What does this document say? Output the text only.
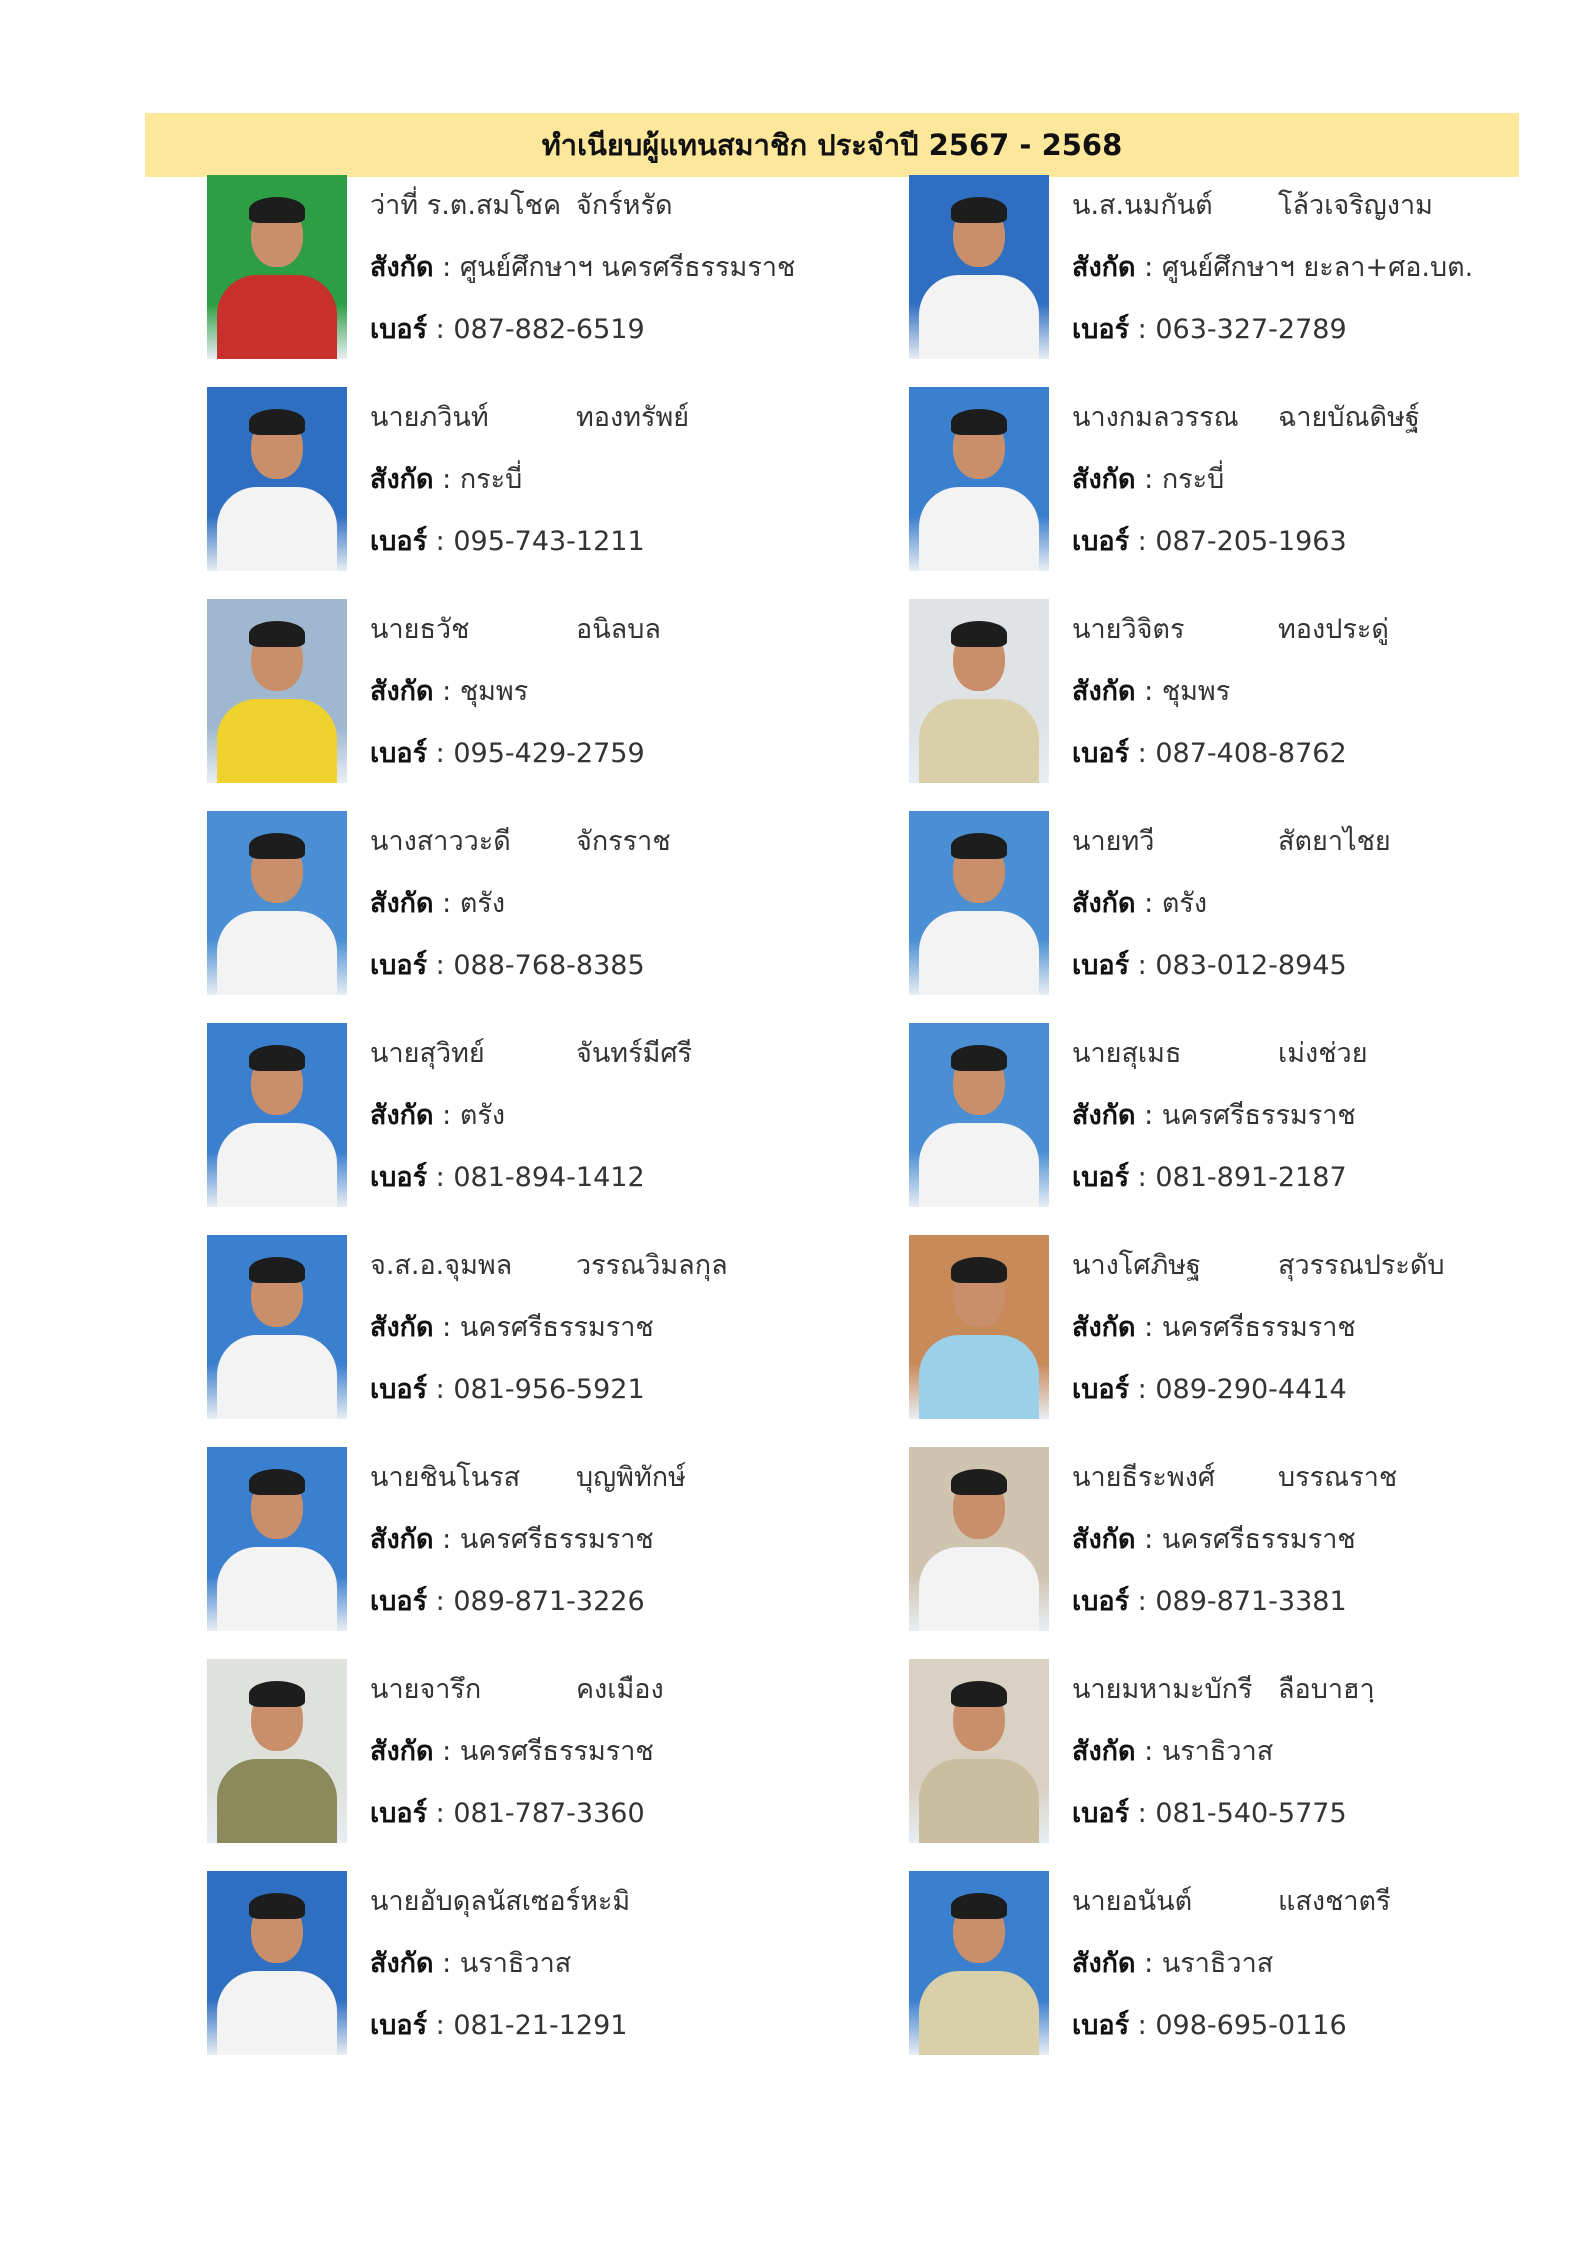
ทำเนียบผู้แทนสมาชิก ประจำปี 2567 - 2568
ว่าที่ ร.ต.สมโชค จักร์หรัด
สังกัด : ศูนย์ศึกษาฯ นครศรีธรรมราช
เบอร์ : 087-882-6519
น.ส.นมกันต์ โล้วเจริญงาม
สังกัด : ศูนย์ศึกษาฯ ยะลา+ศอ.บต.
เบอร์ : 063-327-2789
นายภวินท์	ทองทรัพย์
สังกัด : กระบี่
เบอร์ : 095-743-1211
นางกมลวรรณ ฉายบัณดิษฐ์
สังกัด : กระบี่
เบอร์ : 087-205-1963
นายธวัช	อนิลบล
สังกัด : ชุมพร
เบอร์ : 095-429-2759
นายวิจิตร	ทองประดู่
สังกัด : ชุมพร
เบอร์ : 087-408-8762
นางสาววะดี จักรราช
สังกัด : ตรัง
เบอร์ : 088-768-8385
นายทวี	สัตยาไชย
สังกัด : ตรัง
เบอร์ : 083-012-8945
นายสุวิทย์	จันทร์มีศรี
สังกัด : ตรัง
เบอร์ : 081-894-1412
นายสุเมธ	เม่งช่วย
สังกัด : นครศรีธรรมราช
เบอร์ : 081-891-2187
จ.ส.อ.จุมพล วรรณวิมลกุล
สังกัด : นครศรีธรรมราช
เบอร์ : 081-956-5921
นางโศภิษฐ	สุวรรณประดับ
สังกัด : นครศรีธรรมราช
เบอร์ : 089-290-4414
นายชินโนรส บุญพิทักษ์
สังกัด : นครศรีธรรมราช
เบอร์ : 089-871-3226
นายธีระพงศ์ บรรณราช
สังกัด : นครศรีธรรมราช
เบอร์ : 089-871-3381
นายจารึก	คงเมือง
สังกัด : นครศรีธรรมราช
เบอร์ : 081-787-3360
นายมหามะบักรี ลือบาฮาฺ
สังกัด : นราธิวาส
เบอร์ : 081-540-5775
นายอับดุลนัสเซอร์หะมิ
สังกัด : นราธิวาส
เบอร์ : 081-21-1291
นายอนันต์	แสงชาตรี
สังกัด : นราธิวาส
เบอร์ : 098-695-0116
